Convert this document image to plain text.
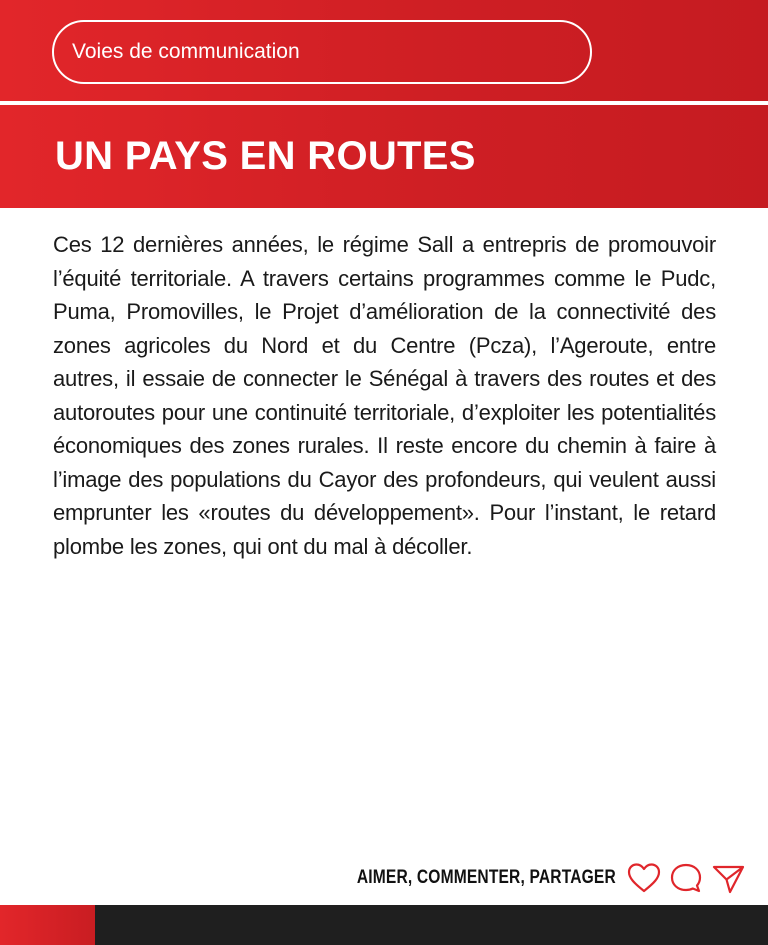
Voies de communication
UN PAYS EN ROUTES

Ces 12 dernières années, le régime Sall a entrepris de promouvoir l’équité territoriale. A travers certains programmes comme le Pudc, Puma, Promovilles, le Projet d’amélioration de la connectivité des zones agricoles du Nord et du Centre (Pcza), l’Ageroute, entre autres, il essaie de connecter le Sénégal à travers des routes et des autoroutes pour une continuité territoriale, d’exploiter les potentialités économiques des zones rurales. Il reste encore du chemin à faire à l’image des populations du Cayor des profondeurs, qui veulent aussi emprunter les «routes du développement». Pour l’instant, le retard plombe les zones, qui ont du mal à décoller.

AIMER, COMMENTER, PARTAGER
